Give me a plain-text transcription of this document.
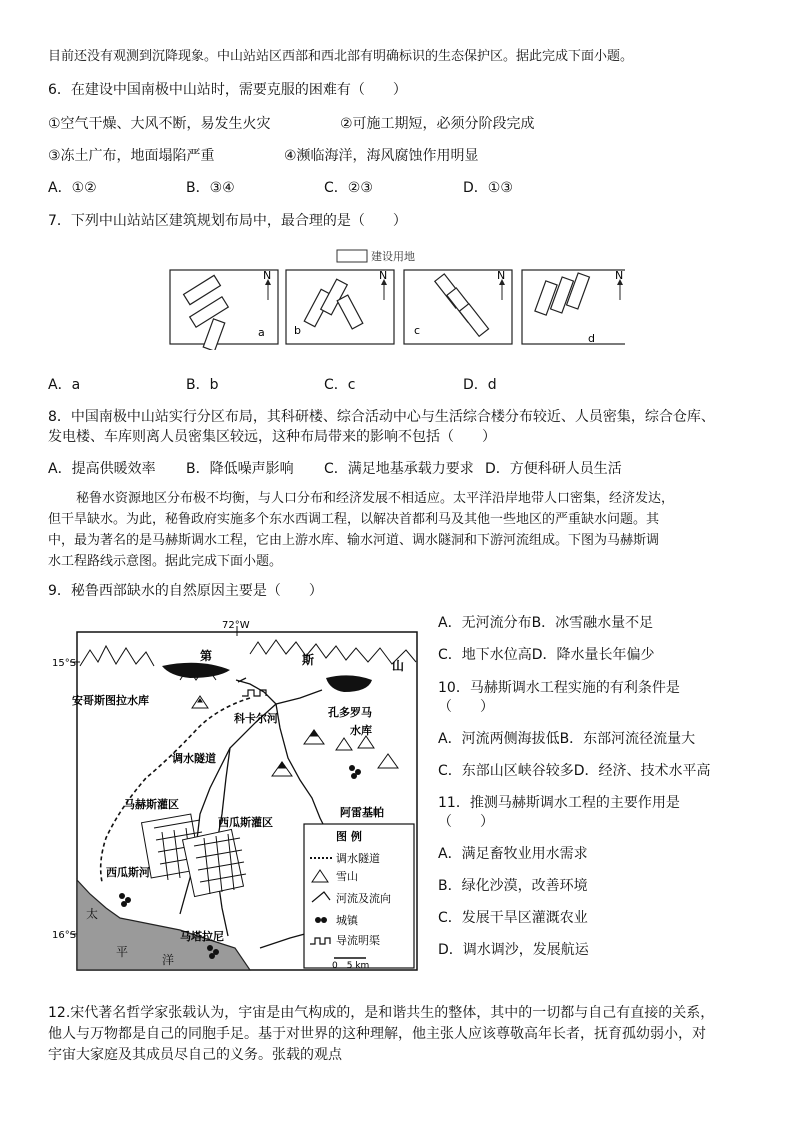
目前还没有观测到沉降现象。中山站站区西部和西北部有明确标识的生态保护区。据此完成下面小题。
6．在建设中国南极中山站时，需要克服的困难有（　　）
①空气干燥、大风不断，易发生火灾	②可施工期短，必须分阶段完成
③冻土广布，地面塌陷严重	④濒临海洋，海风腐蚀作用明显
A．①②	B．③④	C．②③	D．①③
7．下列中山站站区建筑规划布局中，最合理的是（　　）
建设用地
N
a
N
b
N
c
N
d
A．a	B．b	C．c	D．d
8．中国南极中山站实行分区布局，其科研楼、综合活动中心与生活综合楼分布较近、人员密集，综合仓库、
发电楼、车库则离人员密集区较远，这种布局带来的影响不包括（　　）
A．提高供暖效率 B．降低噪声影响 C．满足地基承载力要求 D．方便科研人员生活
秘鲁水资源地区分布极不均衡，与人口分布和经济发展不相适应。太平洋沿岸地带人口密集，经济发达，
但干旱缺水。为此，秘鲁政府实施多个东水西调工程，以解决首都利马及其他一些地区的严重缺水问题。其
中，最为著名的是马赫斯调水工程，它由上游水库、输水河道、调水隧洞和下游河流组成。下图为马赫斯调
水工程路线示意图。据此完成下面小题。
9．秘鲁西部缺水的自然原因主要是（　　）
72°W
15°S
16°S
太
平
洋
第	斯	山
安哥斯图拉水库
孔多罗马
水库
科卡尔河
调水隧道
马赫斯灌区
西瓜斯灌区
西瓜斯河
阿雷基帕
马塔拉尼
图 例
调水隧道
雪山
河流及流向
城镇
导流明渠
0　5 km
A．无河流分布B．冰雪融水量不足
C．地下水位高D．降水量长年偏少
10．马赫斯调水工程实施的有利条件是
（　　）
A．河流两侧海拔低B．东部河流径流量大
C．东部山区峡谷较多D．经济、技术水平高
11．推测马赫斯调水工程的主要作用是
（　　）
A．满足畜牧业用水需求
B．绿化沙漠，改善环境
C．发展干旱区灌溉农业
D．调水调沙，发展航运
12.宋代著名哲学家张载认为，宇宙是由气构成的，是和谐共生的整体，其中的一切都与自己有直接的关系，
他人与万物都是自己的同胞手足。基于对世界的这种理解，他主张人应该尊敬高年长者，抚育孤幼弱小，对
宇宙大家庭及其成员尽自己的义务。张载的观点
